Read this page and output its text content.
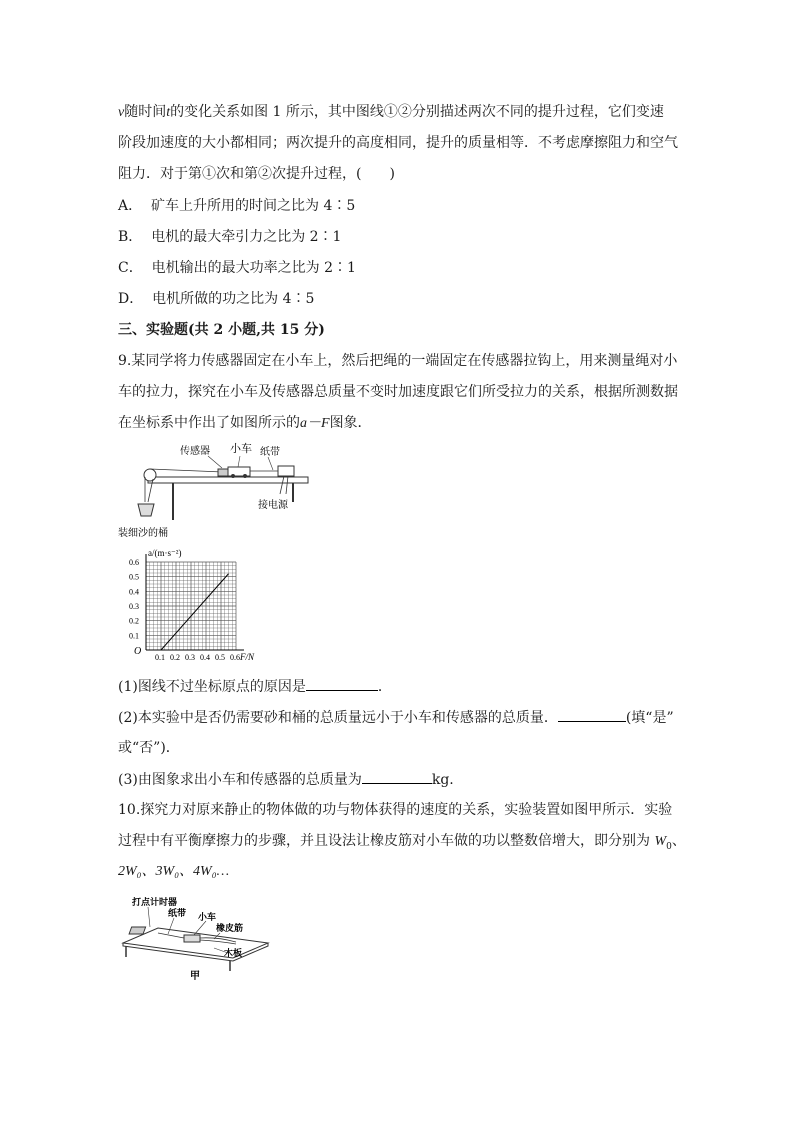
v随时间t的变化关系如图 1 所示，其中图线①②分别描述两次不同的提升过程，它们变速
阶段加速度的大小都相同；两次提升的高度相同，提升的质量相等．不考虑摩擦阻力和空气
阻力．对于第①次和第②次提升过程，(　　)
A． 矿车上升所用的时间之比为 4∶5
B． 电机的最大牵引力之比为 2∶1
C． 电机输出的最大功率之比为 2∶1
D． 电机所做的功之比为 4∶5
三、实验题(共 2 小题,共 15 分)
9.某同学将力传感器固定在小车上，然后把绳的一端固定在传感器拉钩上，用来测量绳对小
车的拉力，探究在小车及传感器总质量不变时加速度跟它们所受拉力的关系，根据所测数据
在坐标系中作出了如图所示的a－F图象．
传感器 小车 纸带
接电源
装细沙的桶
0.1 0.2 0.3 0.4 0.5 0.6
0.1
0.2
0.3
0.4
0.5
0.6
a/(m·s⁻²)
F/N
O
(1)图线不过坐标原点的原因是	．
(2)本实验中是否仍需要砂和桶的总质量远小于小车和传感器的总质量．	(填“是”
或“否”)．
(3)由图象求出小车和传感器的总质量为	kg.
10.探究力对原来静止的物体做的功与物体获得的速度的关系，实验装置如图甲所示．实验
过程中有平衡摩擦力的步骤，并且设法让橡皮筋对小车做的功以整数倍增大，即分别为 $W_0$、
2W₀、3W₀、4W₀…
打点计时器
纸带 小车
橡皮筋
木板
甲
